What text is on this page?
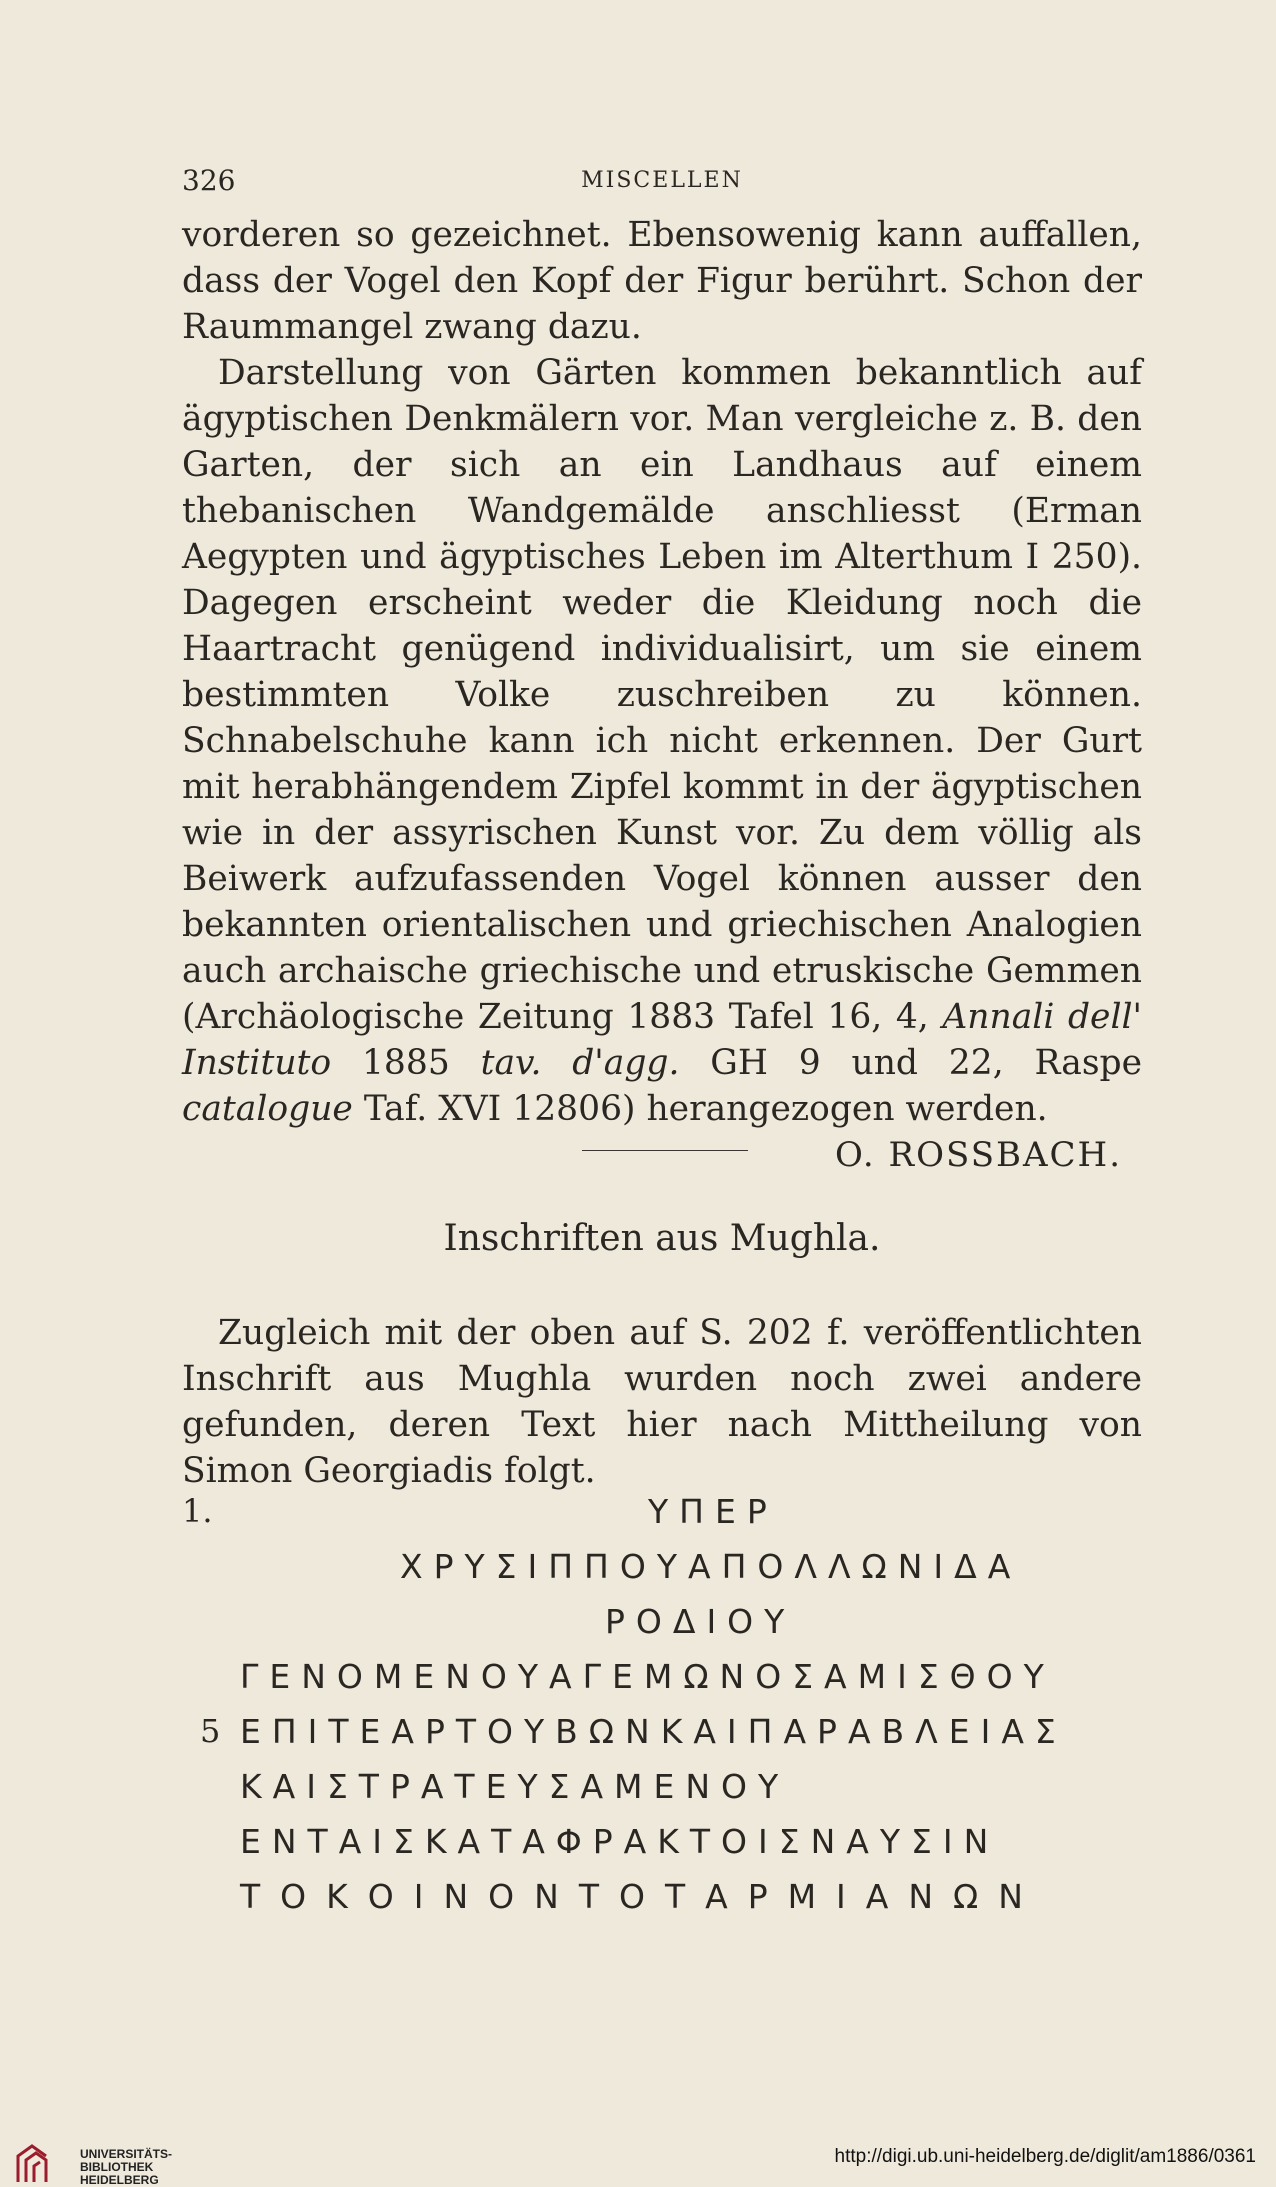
326	MISCELLEN

vorderen so gezeichnet. Ebensowenig kann auffallen, dass der Vogel den Kopf der Figur berührt. Schon der Raummangel zwang dazu.

Darstellung von Gärten kommen bekanntlich auf ägyptischen Denkmälern vor. Man vergleiche z. B. den Garten, der sich an ein Landhaus auf einem thebanischen Wandgemälde anschliesst (Erman Aegypten und ägyptisches Leben im Alterthum I 250). Dagegen erscheint weder die Kleidung noch die Haartracht genügend individualisirt, um sie einem bestimmten Volke zuschreiben zu können. Schnabelschuhe kann ich nicht erkennen. Der Gurt mit herabhängendem Zipfel kommt in der ägyptischen wie in der assyrischen Kunst vor. Zu dem völlig als Beiwerk aufzufassenden Vogel können ausser den bekannten orientalischen und griechischen Analogien auch archaische griechische und etruskische Gemmen (Archäologische Zeitung 1883 Tafel 16, 4, Annali dell' Instituto 1885 tav. d'agg. GH 9 und 22, Raspe catalogue Taf. XVI 12806) herangezogen werden.

O. ROSSBACH.

Inschriften aus Mughla.

Zugleich mit der oben auf S. 202 f. veröffentlichten Inschrift aus Mughla wurden noch zwei andere gefunden, deren Text hier nach Mittheilung von Simon Georgiadis folgt.

1.	ΥΠΕΡ
ΧΡΥΣΙΠΠΟΥΑΠΟΛΛΩΝΙΔΑ
ΡΟΔΙΟΥ
ΓΕΝΟΜΕΝΟΥΑΓΕΜΩΝΟΣΑΜΙΣΘΟΥ
5 ΕΠΙΤΕΑΡΤΟΥΒΩΝΚΑΙΠΑΡΑΒΛΕΙΑΣ
ΚΑΙΣΤΡΑΤΕΥΣΑΜΕΝΟΥ
ΕΝΤΑΙΣΚΑΤΑΦΡΑΚΤΟΙΣΝΑΥΣΙΝ
ΤΟΚΟΙΝΟΝΤΟΤΑΡΜΙΑΝΩΝ
UNIVERSITÄTS-
BIBLIOTHEK
HEIDELBERG
http://digi.ub.uni-heidelberg.de/diglit/am1886/0361
